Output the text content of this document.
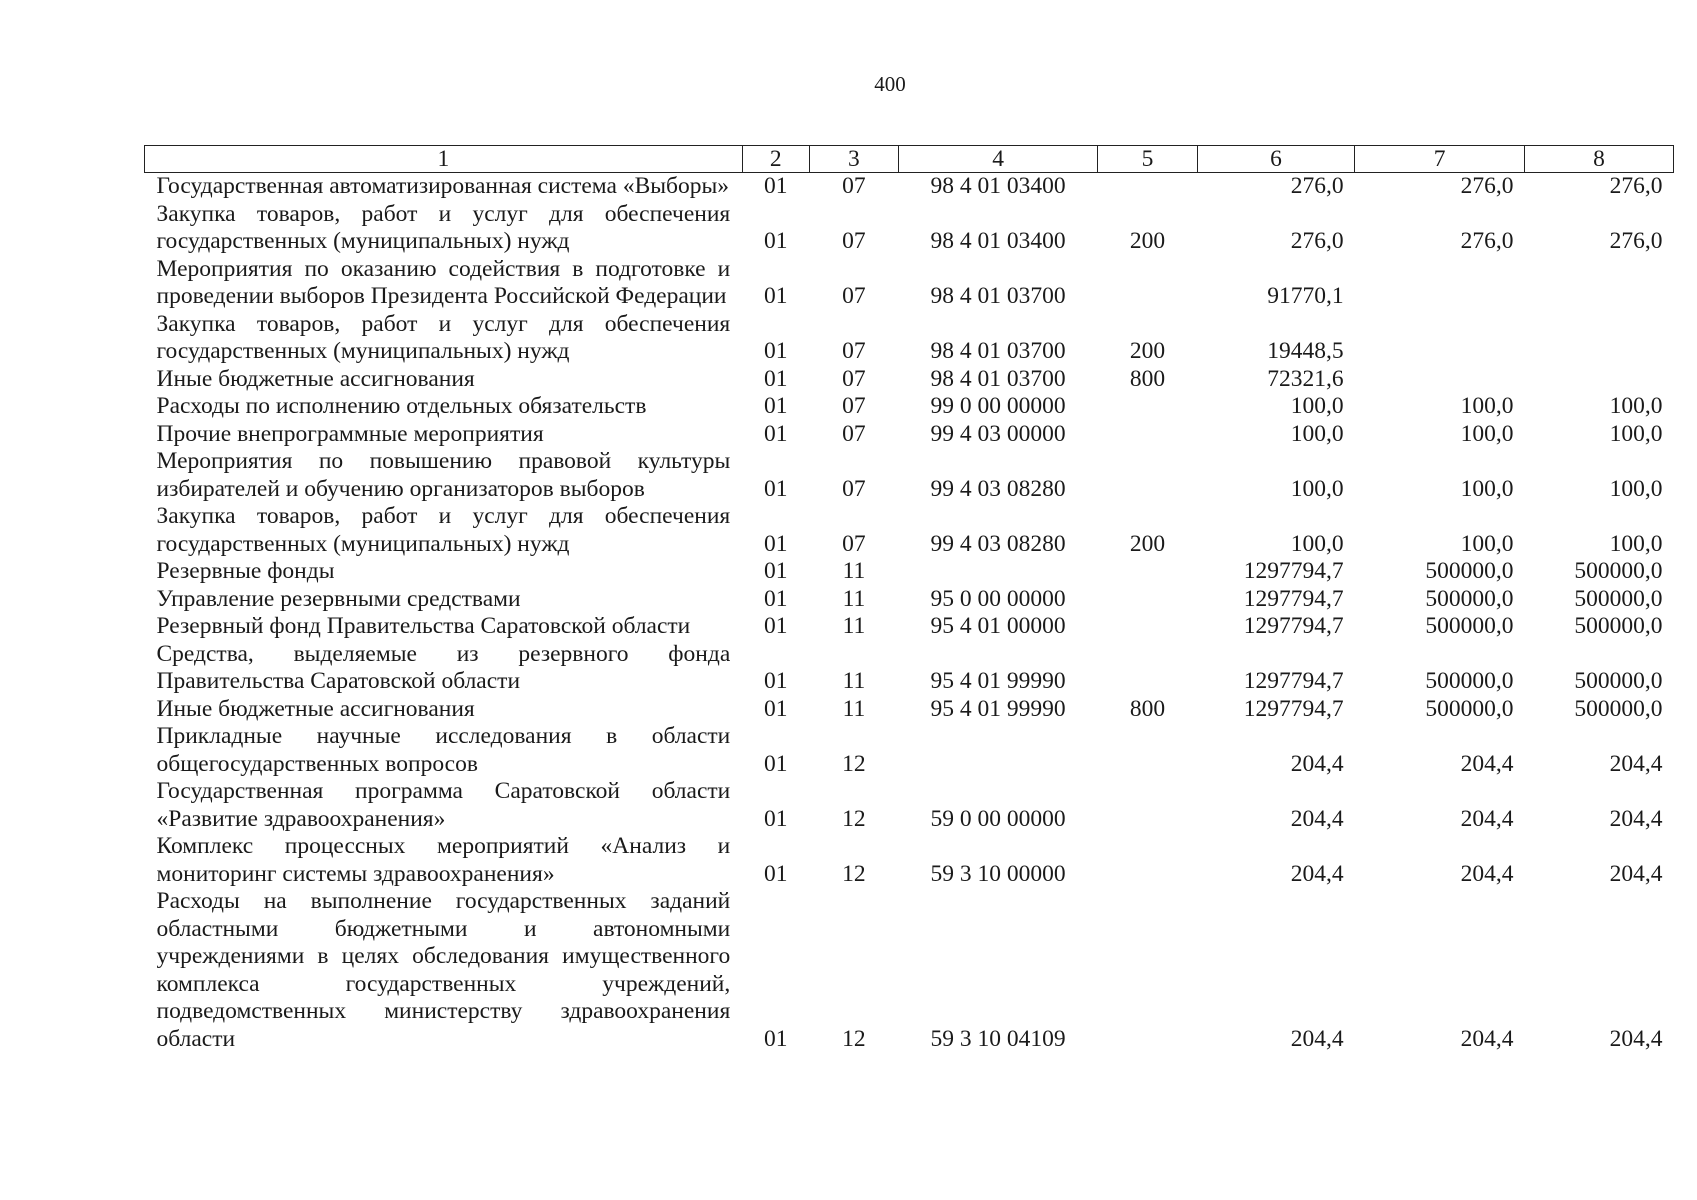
400
1	2	3	4	5	6	7	8
Государственная автоматизированная система «Выборы»	01	07	98 4 01 03400		276,0	276,0	276,0
Закупка товаров, работ и услуг для обеспечения государственных (муниципальных) нужд	01	07	98 4 01 03400	200	276,0	276,0	276,0
Мероприятия по оказанию содействия в подготовке и проведении выборов Президента Российской Федерации	01	07	98 4 01 03700		91770,1		
Закупка товаров, работ и услуг для обеспечения государственных (муниципальных) нужд	01	07	98 4 01 03700	200	19448,5		
Иные бюджетные ассигнования	01	07	98 4 01 03700	800	72321,6		
Расходы по исполнению отдельных обязательств	01	07	99 0 00 00000		100,0	100,0	100,0
Прочие внепрограммные мероприятия	01	07	99 4 03 00000		100,0	100,0	100,0
Мероприятия по повышению правовой культуры избирателей и обучению организаторов выборов	01	07	99 4 03 08280		100,0	100,0	100,0
Закупка товаров, работ и услуг для обеспечения государственных (муниципальных) нужд	01	07	99 4 03 08280	200	100,0	100,0	100,0
Резервные фонды	01	11			1297794,7	500000,0	500000,0
Управление резервными средствами	01	11	95 0 00 00000		1297794,7	500000,0	500000,0
Резервный фонд Правительства Саратовской области	01	11	95 4 01 00000		1297794,7	500000,0	500000,0
Средства, выделяемые из резервного фонда Правительства Саратовской области	01	11	95 4 01 99990		1297794,7	500000,0	500000,0
Иные бюджетные ассигнования	01	11	95 4 01 99990	800	1297794,7	500000,0	500000,0
Прикладные научные исследования в области общегосударственных вопросов	01	12			204,4	204,4	204,4
Государственная программа Саратовской области «Развитие здравоохранения»	01	12	59 0 00 00000		204,4	204,4	204,4
Комплекс процессных мероприятий «Анализ и мониторинг системы здравоохранения»	01	12	59 3 10 00000		204,4	204,4	204,4
Расходы на выполнение государственных заданий областными бюджетными и автономными учреждениями в целях обследования имущественного комплекса государственных учреждений, подведомственных министерству здравоохранения области	01	12	59 3 10 04109		204,4	204,4	204,4
